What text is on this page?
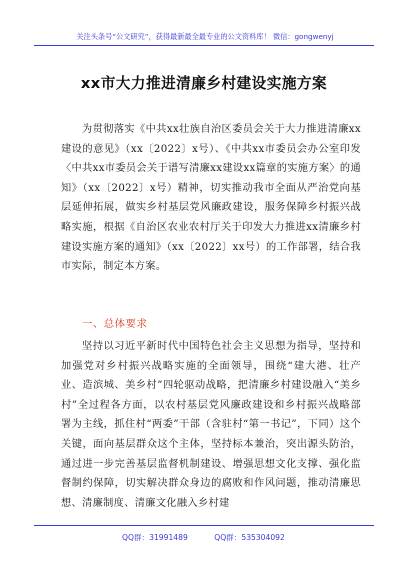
关注头条号“公文研究”，获得最新最全最专业的公文资料库！ 微信：gongwenyj
xx市大力推进清廉乡村建设实施方案
为贯彻落实《中共xx壮族自治区委员会关于大力推进清廉xx建设的意见》（xx〔2022〕x号）、《中共xx市委员会办公室印发〈中共xx市委员会关于谱写清廉xx建设xx篇章的实施方案〉的通知》（xx〔2022〕x号）精神，切实推动我市全面从严治党向基层延伸拓展，做实乡村基层党风廉政建设，服务保障乡村振兴战略实施，根据《自治区农业农村厅关于印发大力推进xx清廉乡村建设实施方案的通知》（xx〔2022〕xx号）的工作部署，结合我市实际，制定本方案。
一、总体要求
坚持以习近平新时代中国特色社会主义思想为指导，坚持和加强党对乡村振兴战略实施的全面领导，围绕“建大港、壮产业、造滨城、美乡村”四轮驱动战略，把清廉乡村建设融入“美乡村”全过程各方面，以农村基层党风廉政建设和乡村振兴战略部署为主线，抓住村“两委”干部（含驻村“第一书记”，下同）这个关键，面向基层群众这个主体，坚持标本兼治，突出源头防治，通过进一步完善基层监督机制建设、增强思想文化支撑、强化监督制约保障，切实解决群众身边的腐败和作风问题，推动清廉思想、清廉制度、清廉文化融入乡村建
QQ群：31991489	QQ群：535304092
